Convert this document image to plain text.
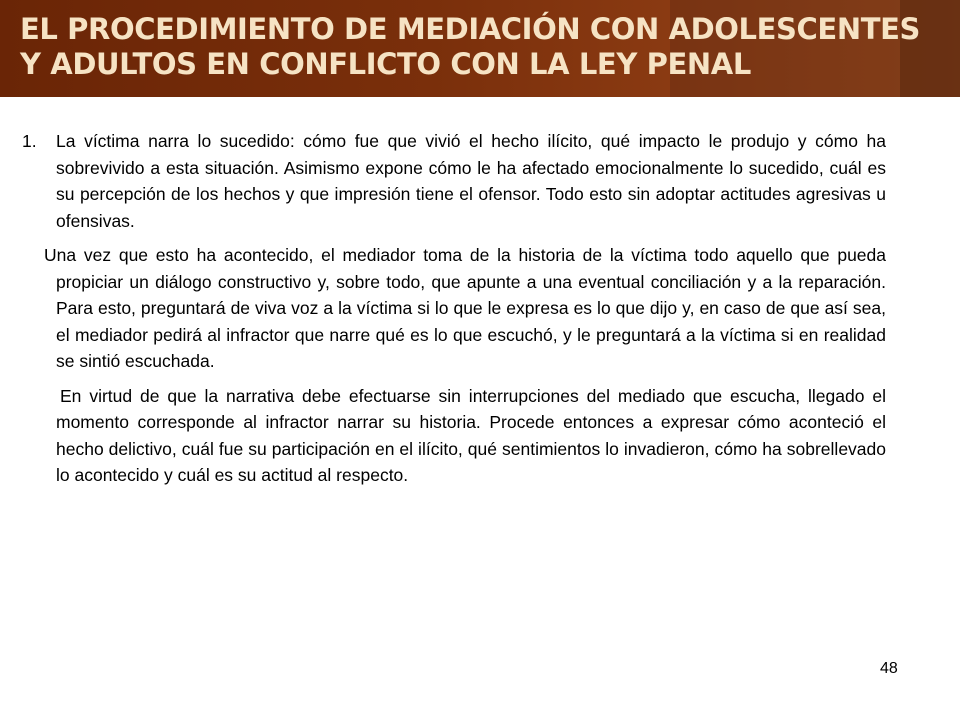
EL PROCEDIMIENTO DE MEDIACIÓN CON ADOLESCENTES
Y ADULTOS EN CONFLICTO CON LA LEY PENAL

1. La víctima narra lo sucedido: cómo fue que vivió el hecho ilícito, qué impacto le produjo y cómo ha sobrevivido a esta situación. Asimismo expone cómo le ha afectado emocionalmente lo sucedido, cuál es su percepción de los hechos y que impresión tiene el ofensor. Todo esto sin adoptar actitudes agresivas u ofensivas.

Una vez que esto ha acontecido, el mediador toma de la historia de la víctima todo aquello que pueda propiciar un diálogo constructivo y, sobre todo, que apunte a una eventual conciliación y a la reparación. Para esto, preguntará de viva voz a la víctima si lo que le expresa es lo que dijo y, en caso de que así sea, el mediador pedirá al infractor que narre qué es lo que escuchó, y le preguntará a la víctima si en realidad se sintió escuchada.

En virtud de que la narrativa debe efectuarse sin interrupciones del mediado que escucha, llegado el momento corresponde al infractor narrar su historia. Procede entonces a expresar cómo aconteció el hecho delictivo, cuál fue su participación en el ilícito, qué sentimientos lo invadieron, cómo ha sobrellevado lo acontecido y cuál es su actitud al respecto.

48
